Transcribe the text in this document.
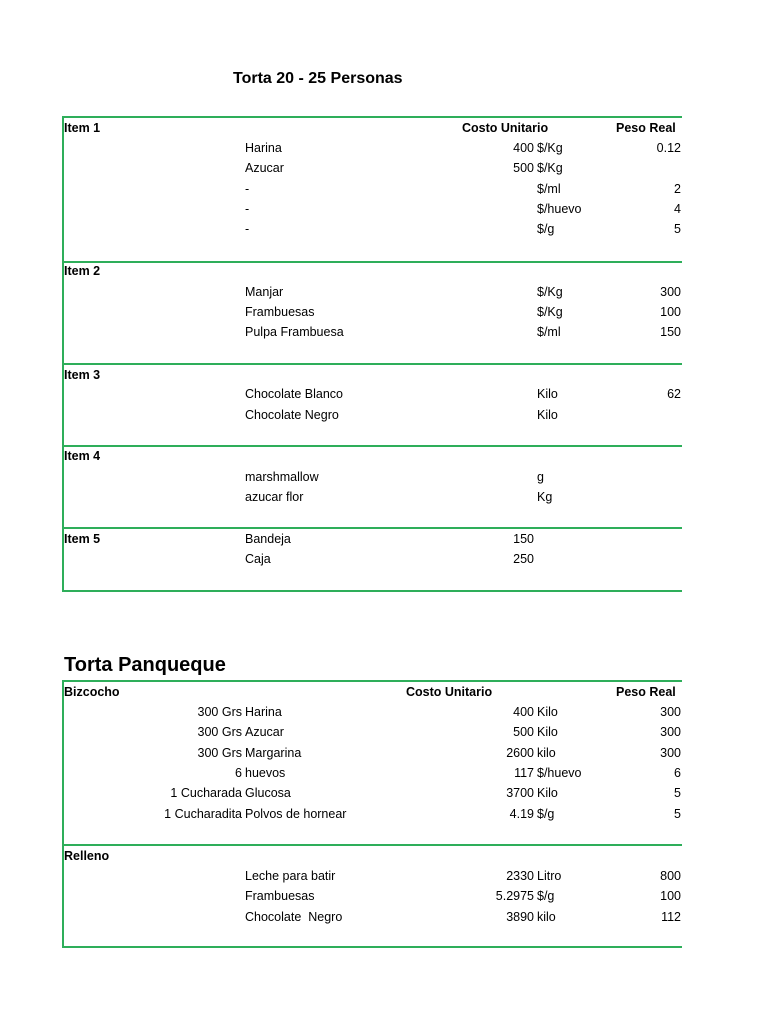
Torta 20 - 25 Personas
Costo Unitario	Peso Real
Item 1
Harina	400 $/Kg	0.12
Azucar	500 $/Kg
-	$/ml	2
-	$/huevo	4
-	$/g	5
Item 2
Manjar	$/Kg	300
Frambuesas	$/Kg	100
Pulpa Frambuesa	$/ml	150
Item 3
Chocolate Blanco	Kilo	62
Chocolate Negro	Kilo
Item 4
marshmallow	g
azucar flor	Kg
Item 5	Bandeja	150
Caja	250
Torta Panqueque
Bizcocho	Costo Unitario	Peso Real
300 Grs Harina	400 Kilo	300
300 Grs Azucar	500 Kilo	300
300 Grs Margarina	2600 kilo	300
6 huevos	117 $/huevo	6
1 Cucharada Glucosa	3700 Kilo	5
1 Cucharadita Polvos de hornear	4.19 $/g	5
Relleno
Leche para batir	2330 Litro	800
Frambuesas	5.2975 $/g	100
Chocolate  Negro	3890 kilo	112
